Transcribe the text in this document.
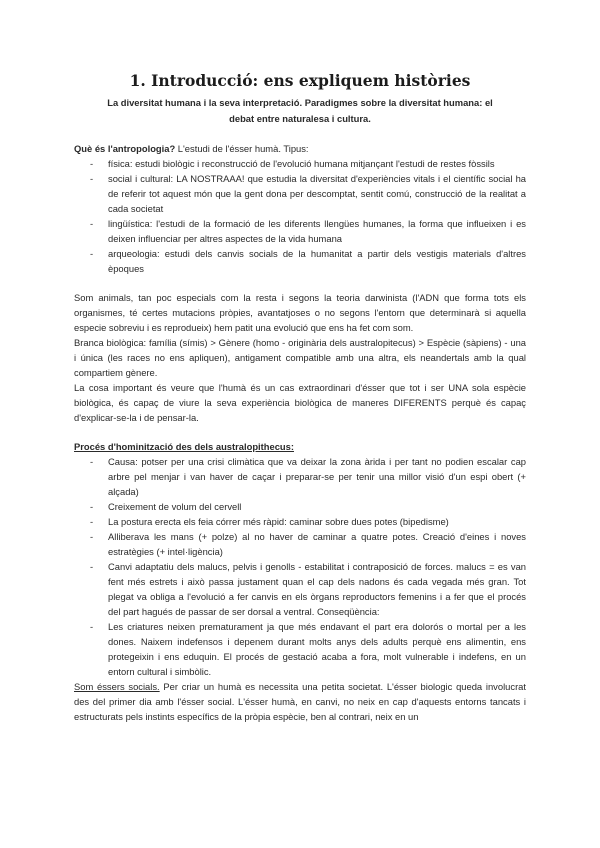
1. Introducció: ens expliquem històries
La diversitat humana i la seva interpretació. Paradigmes sobre la diversitat humana: el debat entre naturalesa i cultura.

Què és l'antropologia? L'estudi de l'ésser humà. Tipus:

- física: estudi biològic i reconstrucció de l'evolució humana mitjançant l'estudi de restes fòssils
- social i cultural: LA NOSTRAAA! que estudia la diversitat d'experiències vitals i el científic social ha de referir tot aquest món que la gent dona per descomptat, sentit comú, construcció de la realitat a cada societat
- lingüística: l'estudi de la formació de les diferents llengües humanes, la forma que influeixen i es deixen influenciar per altres aspectes de la vida humana
- arqueologia: estudi dels canvis socials de la humanitat a partir dels vestigis materials d'altres èpoques

Som animals, tan poc especials com la resta i segons la teoria darwinista (l'ADN que forma tots els organismes, té certes mutacions pròpies, avantatjoses o no segons l'entorn que determinarà si aquella especie sobreviu i es reprodueix) hem patit una evolució que ens ha fet com som.

Branca biològica: família (símis) > Gènere (homo - originària dels australopitecus) > Espècie (sàpiens) - una i única (les races no ens apliquen), antigament compatible amb una altra, els neandertals amb la qual compartiem gènere.

La cosa important és veure que l'humà és un cas extraordinari d'ésser que tot i ser UNA sola espècie biològica, és capaç de viure la seva experiència biològica de maneres DIFERENTS perquè és capaç d'explicar-se-la i de pensar-la.

Procés d'hominització des dels australopithecus:

- Causa: potser per una crisi climàtica que va deixar la zona àrida i per tant no podien escalar cap arbre pel menjar i van haver de caçar i preparar-se per tenir una millor visió d'un espi obert (+ alçada)
- Creixement de volum del cervell
- La postura erecta els feia córrer més ràpid: caminar sobre dues potes (bipedisme)
- Alliberava les mans (+ polze) al no haver de caminar a quatre potes. Creació d'eines i noves estratègies (+ intel·ligència)
- Canvi adaptatiu dels malucs, pelvis i genolls - estabilitat i contraposició de forces. malucs = es van fent més estrets i això passa justament quan el cap dels nadons és cada vegada més gran. Tot plegat va obliga a l'evolució a fer canvis en els òrgans reproductors femenins i a fer que el procés del part hagués de passar de ser dorsal a ventral. Conseqüència:
- Les criatures neixen prematurament ja que més endavant el part era dolorós o mortal per a les dones. Naixem indefensos i depenem durant molts anys dels adults perquè ens alimentin, ens protegeixin i ens eduquin. El procés de gestació acaba a fora, molt vulnerable i indefens, en un entorn cultural i simbòlic.

Som éssers socials. Per criar un humà es necessita una petita societat. L'ésser biologic queda involucrat des del primer dia amb l'ésser social. L'ésser humà, en canvi, no neix en cap d'aquests entorns tancats i estructurats pels instints específics de la pròpia espècie, ben al contrari, neix en un
